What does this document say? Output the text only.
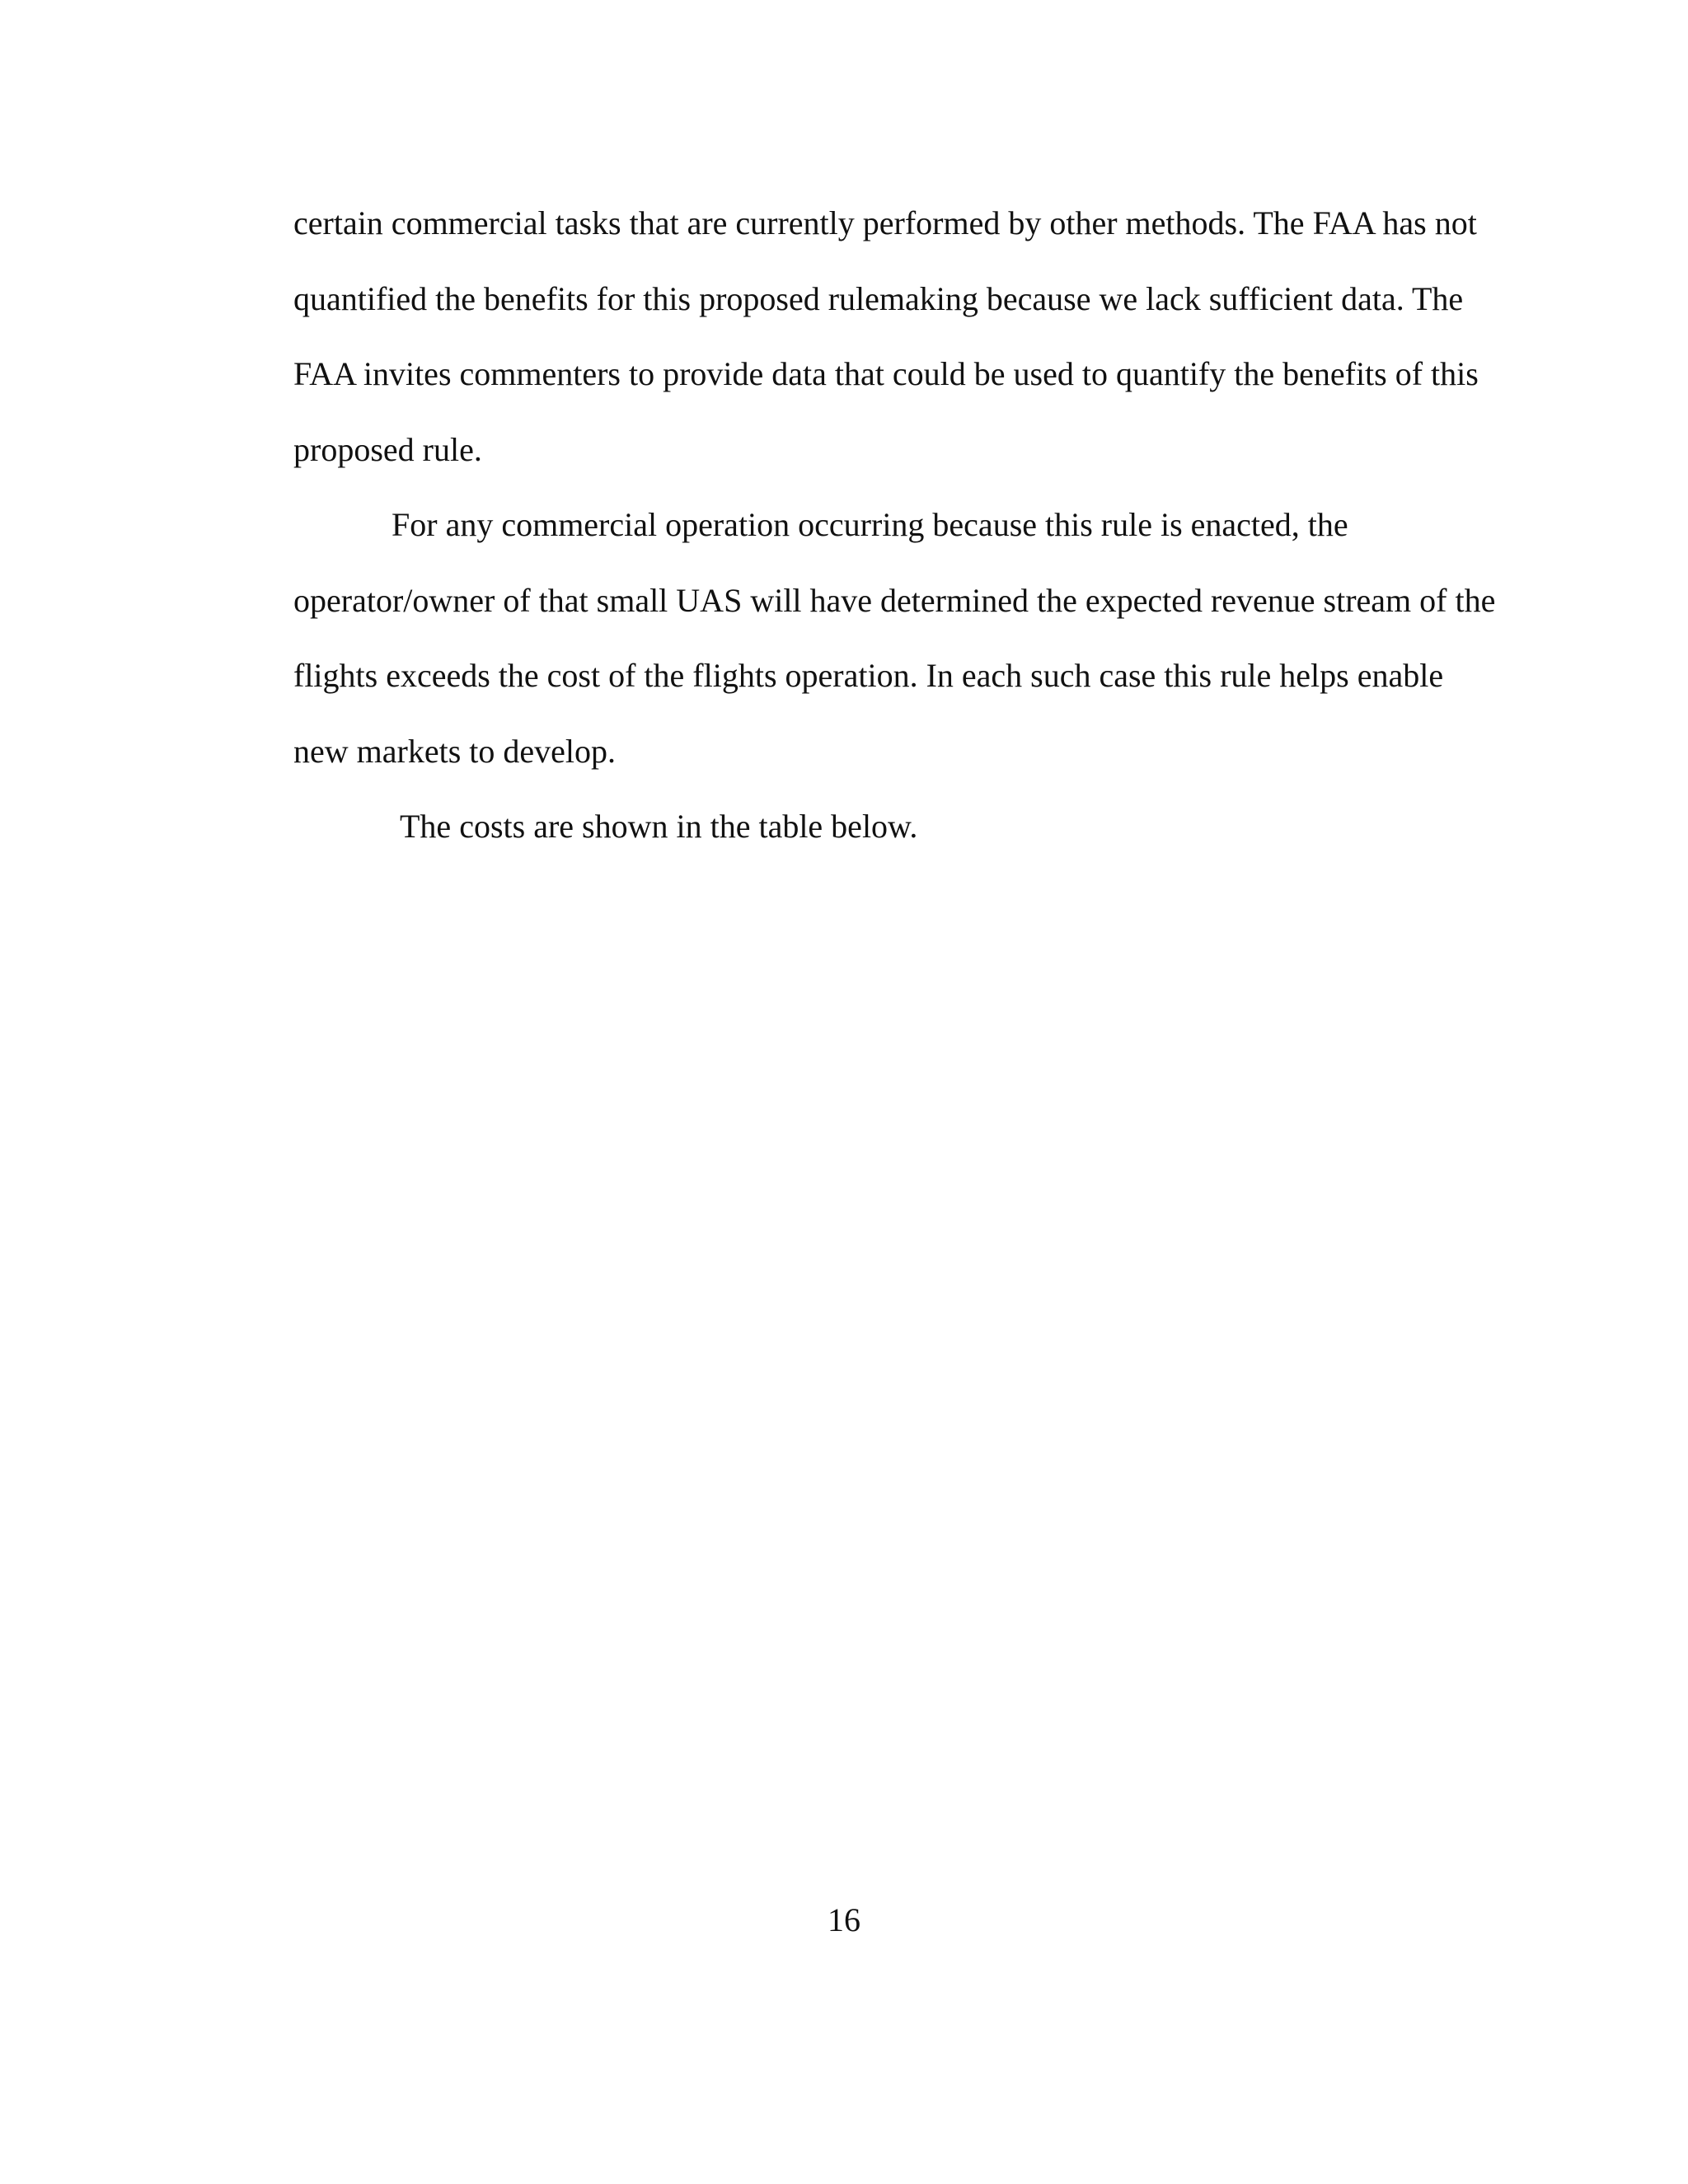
certain commercial tasks that are currently performed by other methods. The FAA has not
quantified the benefits for this proposed rulemaking because we lack sufficient data. The
FAA invites commenters to provide data that could be used to quantify the benefits of this
proposed rule.
For any commercial operation occurring because this rule is enacted, the
operator/owner of that small UAS will have determined the expected revenue stream of the
flights exceeds the cost of the flights operation. In each such case this rule helps enable
new markets to develop.
The costs are shown in the table below.
16
